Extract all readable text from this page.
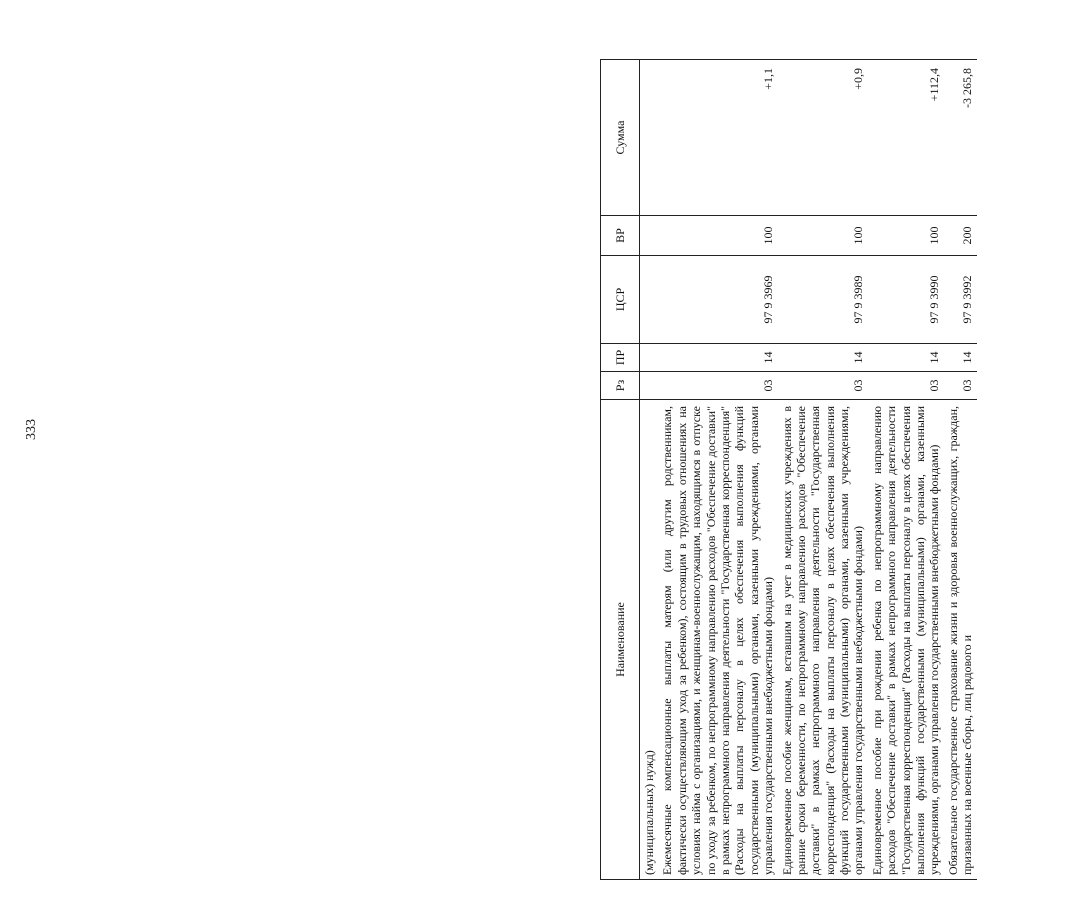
333
Наименование	Рз	ПР	ЦСР	ВР	Сумма
(муниципальных) нужд)					
Ежемесячные компенсационные выплаты матерям (или другим родственникам, фактически осуществляющим уход за ребенком), состоящим в трудовых отношениях на условиях найма с организациями, и женщинам-военнослужащим, находящимся в отпуске по уходу за ребенком, по непрограммному направлению расходов "Обеспечение доставки" в рамках непрограммного направления деятельности "Государственная корреспонденция" (Расходы на выплаты персоналу в целях обеспечения выполнения функций государственными (муниципальными) органами, казенными учреждениями, органами управления государственными внебюджетными фондами)	03	14	97 9 3969	100	+1,1
Единовременное пособие женщинам, вставшим на учет в медицинских учреждениях в ранние сроки беременности, по непрограммному направлению расходов "Обеспечение доставки" в рамках непрограммного направления деятельности "Государственная корреспонденция" (Расходы на выплаты персоналу в целях обеспечения выполнения функций государственными (муниципальными) органами, казенными учреждениями, органами управления государственными внебюджетными фондами)	03	14	97 9 3989	100	+0,9
Единовременное пособие при рождении ребенка по непрограммному направлению расходов "Обеспечение доставки" в рамках непрограммного направления деятельности "Государственная корреспонденция" (Расходы на выплаты персоналу в целях обеспечения выполнения функций государственными (муниципальными) органами, казенными учреждениями, органами управления государственными внебюджетными фондами)	03	14	97 9 3990	100	+112,4
Обязательное государственное страхование жизни и здоровья военнослужащих, граждан, призванных на военные сборы, лиц рядового и	03	14	97 9 3992	200	-3 265,8
